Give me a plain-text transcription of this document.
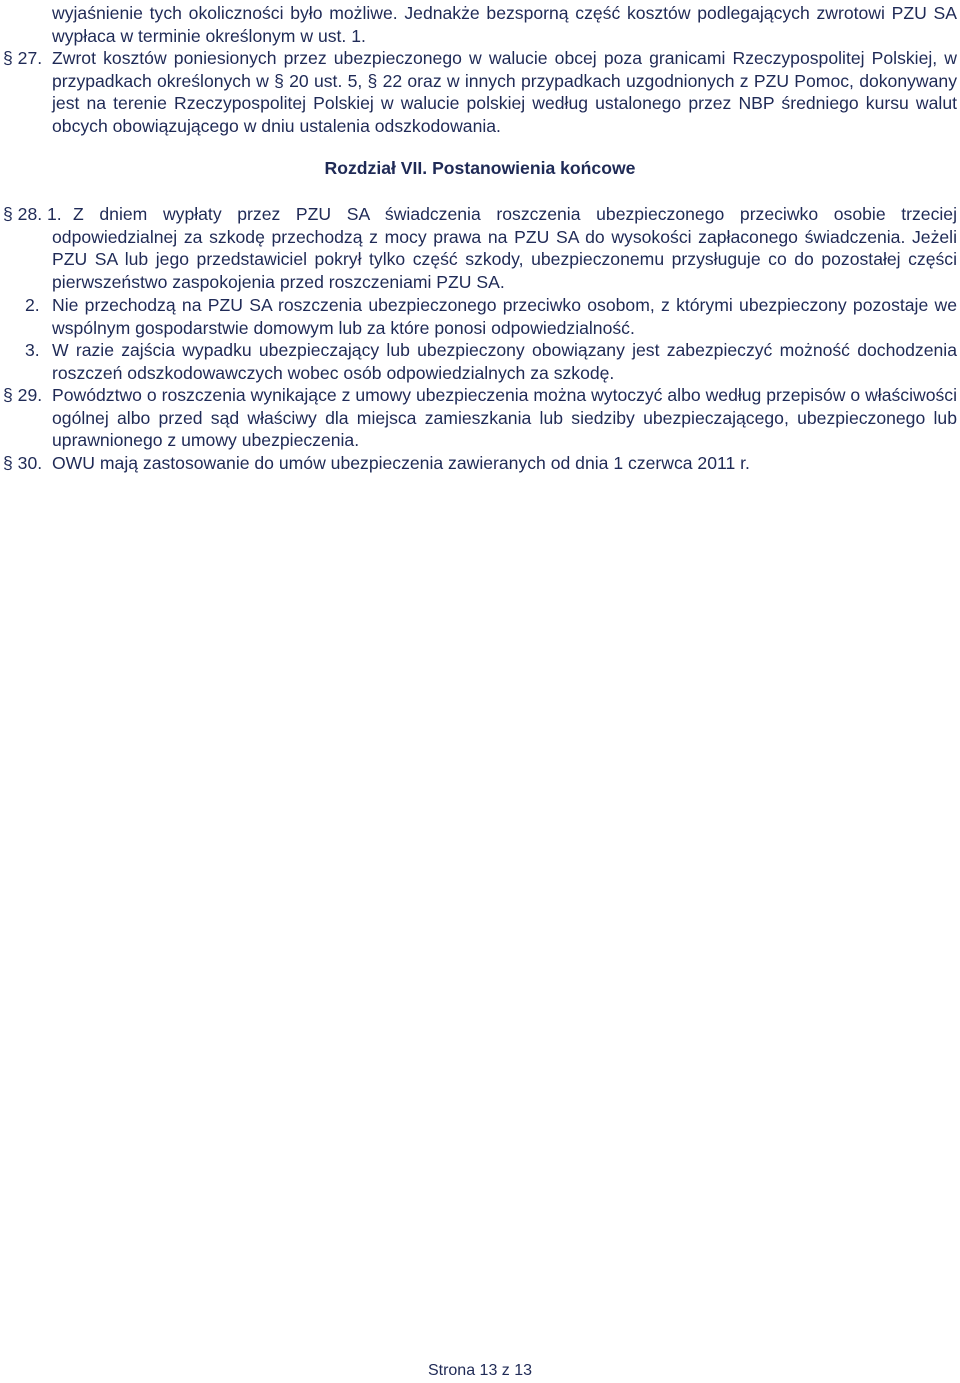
wyjaśnienie tych okoliczności było możliwe. Jednakże bezsporną część kosztów podlegających zwrotowi PZU SA wypłaca w terminie określonym w ust. 1.

§ 27. Zwrot kosztów poniesionych przez ubezpieczonego w walucie obcej poza granicami Rzeczypospolitej Polskiej, w przypadkach określonych w § 20 ust. 5, § 22 oraz w innych przypadkach uzgodnionych z PZU Pomoc, dokonywany jest na terenie Rzeczypospolitej Polskiej w walucie polskiej według ustalonego przez NBP średniego kursu walut obcych obowiązującego w dniu ustalenia odszkodowania.

Rozdział VII. Postanowienia końcowe

§ 28. 1. Z dniem wypłaty przez PZU SA świadczenia roszczenia ubezpieczonego przeciwko osobie trzeciej odpowiedzialnej za szkodę przechodzą z mocy prawa na PZU SA do wysokości zapłaconego świadczenia. Jeżeli PZU SA lub jego przedstawiciel pokrył tylko część szkody, ubezpieczonemu przysługuje co do pozostałej części pierwszeństwo zaspokojenia przed roszczeniami PZU SA.

2. Nie przechodzą na PZU SA roszczenia ubezpieczonego przeciwko osobom, z którymi ubezpieczony pozostaje we wspólnym gospodarstwie domowym lub za które ponosi odpowiedzialność.

3. W razie zajścia wypadku ubezpieczający lub ubezpieczony obowiązany jest zabezpieczyć możność dochodzenia roszczeń odszkodowawczych wobec osób odpowiedzialnych za szkodę.

§ 29. Powództwo o roszczenia wynikające z umowy ubezpieczenia można wytoczyć albo według przepisów o właściwości ogólnej albo przed sąd właściwy dla miejsca zamieszkania lub siedziby ubezpieczającego, ubezpieczonego lub uprawnionego z umowy ubezpieczenia.

§ 30. OWU mają zastosowanie do umów ubezpieczenia zawieranych od dnia 1 czerwca 2011 r.

Strona 13 z 13
